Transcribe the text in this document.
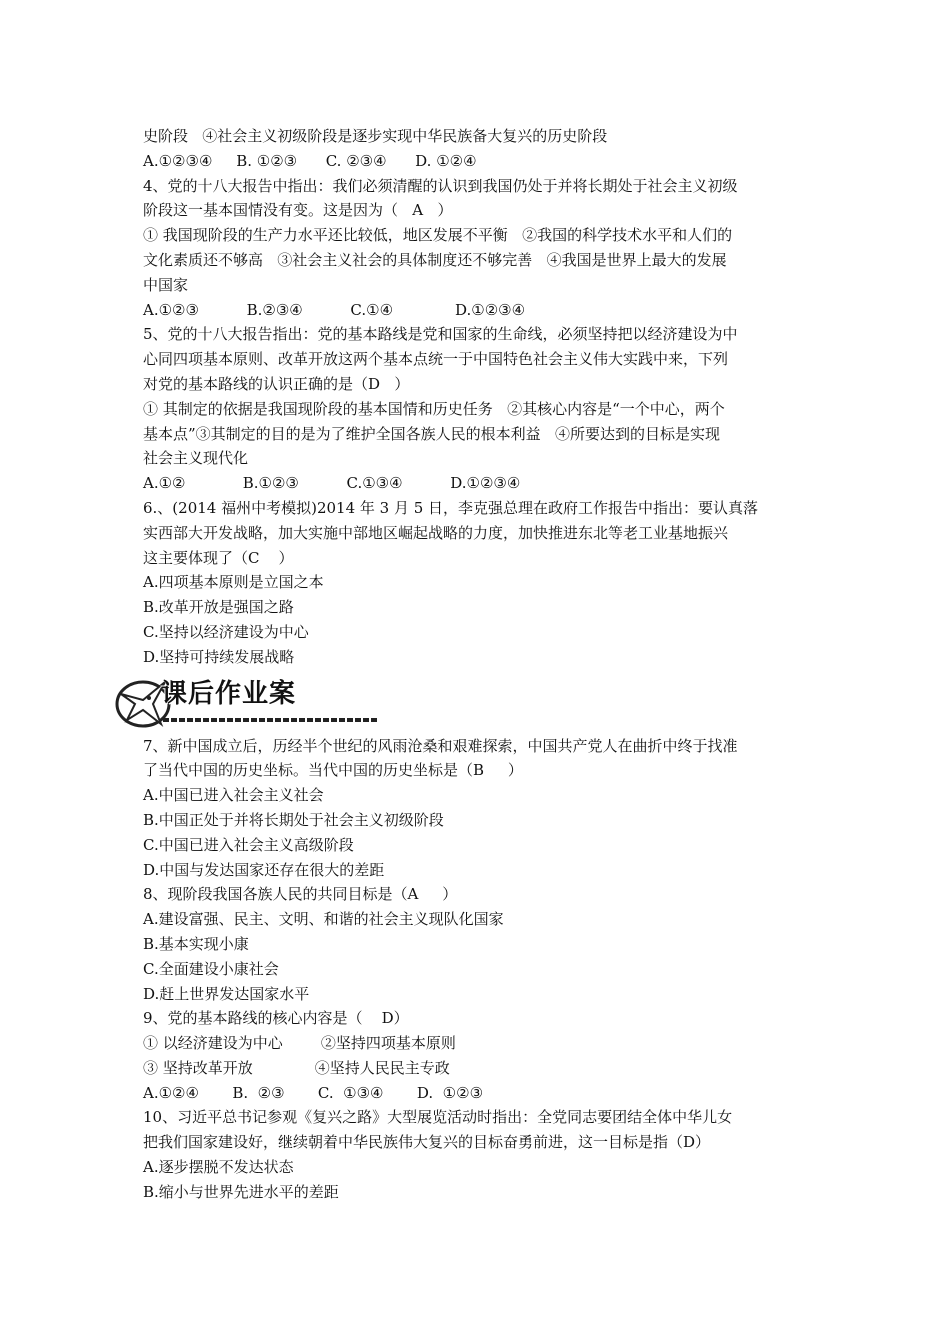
史阶段   ④社会主义初级阶段是逐步实现中华民族备大复兴的历史阶段
A.①②③④     B. ①②③      C. ②③④      D. ①②④
4、党的十八大报告中指出：我们必须清醒的认识到我国仍处于并将长期处于社会主义初级
阶段这一基本国情没有变。这是因为（   A   ）
① 我国现阶段的生产力水平还比较低，地区发展不平衡   ②我国的科学技术水平和人们的
文化素质还不够高   ③社会主义社会的具体制度还不够完善   ④我国是世界上最大的发展
中国家
A.①②③          B.②③④          C.①④             D.①②③④
5、党的十八大报告指出：党的基本路线是党和国家的生命线，必须坚持把以经济建设为中
心同四项基本原则、改革开放这两个基本点统一于中国特色社会主义伟大实践中来，下列
对党的基本路线的认识正确的是（D   ）
① 其制定的依据是我国现阶段的基本国情和历史任务   ②其核心内容是“一个中心，两个
基本点”③其制定的目的是为了维护全国各族人民的根本利益   ④所要达到的目标是实现
社会主义现代化
A.①②            B.①②③          C.①③④          D.①②③④
6.、(2014 福州中考模拟)2014 年 3 月 5 日，李克强总理在政府工作报告中指出：要认真落
实西部大开发战略，加大实施中部地区崛起战略的力度，加快推进东北等老工业基地振兴
这主要体现了（C    ）
A.四项基本原则是立国之本
B.改革开放是强国之路
C.坚持以经济建设为中心
D.坚持可持续发展战略
课后作业案
7、新中国成立后，历经半个世纪的风雨沧桑和艰难探索，中国共产党人在曲折中终于找准
了当代中国的历史坐标。当代中国的历史坐标是（B     ）
A.中国已进入社会主义社会
B.中国正处于并将长期处于社会主义初级阶段
C.中国已进入社会主义高级阶段
D.中国与发达国家还存在很大的差距
8、现阶段我国各族人民的共同目标是（A     ）
A.建设富强、民主、文明、和谐的社会主义现队化国家
B.基本实现小康
C.全面建设小康社会
D.赶上世界发达国家水平
9、党的基本路线的核心内容是（    D）
① 以经济建设为中心        ②坚持四项基本原则
③ 坚持改革开放             ④坚持人民民主专政
A.①②④       B.  ②③       C.  ①③④       D.  ①②③
10、习近平总书记参观《复兴之路》大型展览活动时指出：全党同志要团结全体中华儿女
把我们国家建设好，继续朝着中华民族伟大复兴的目标奋勇前进，这一目标是指（D）
A.逐步摆脱不发达状态
B.缩小与世界先进水平的差距
